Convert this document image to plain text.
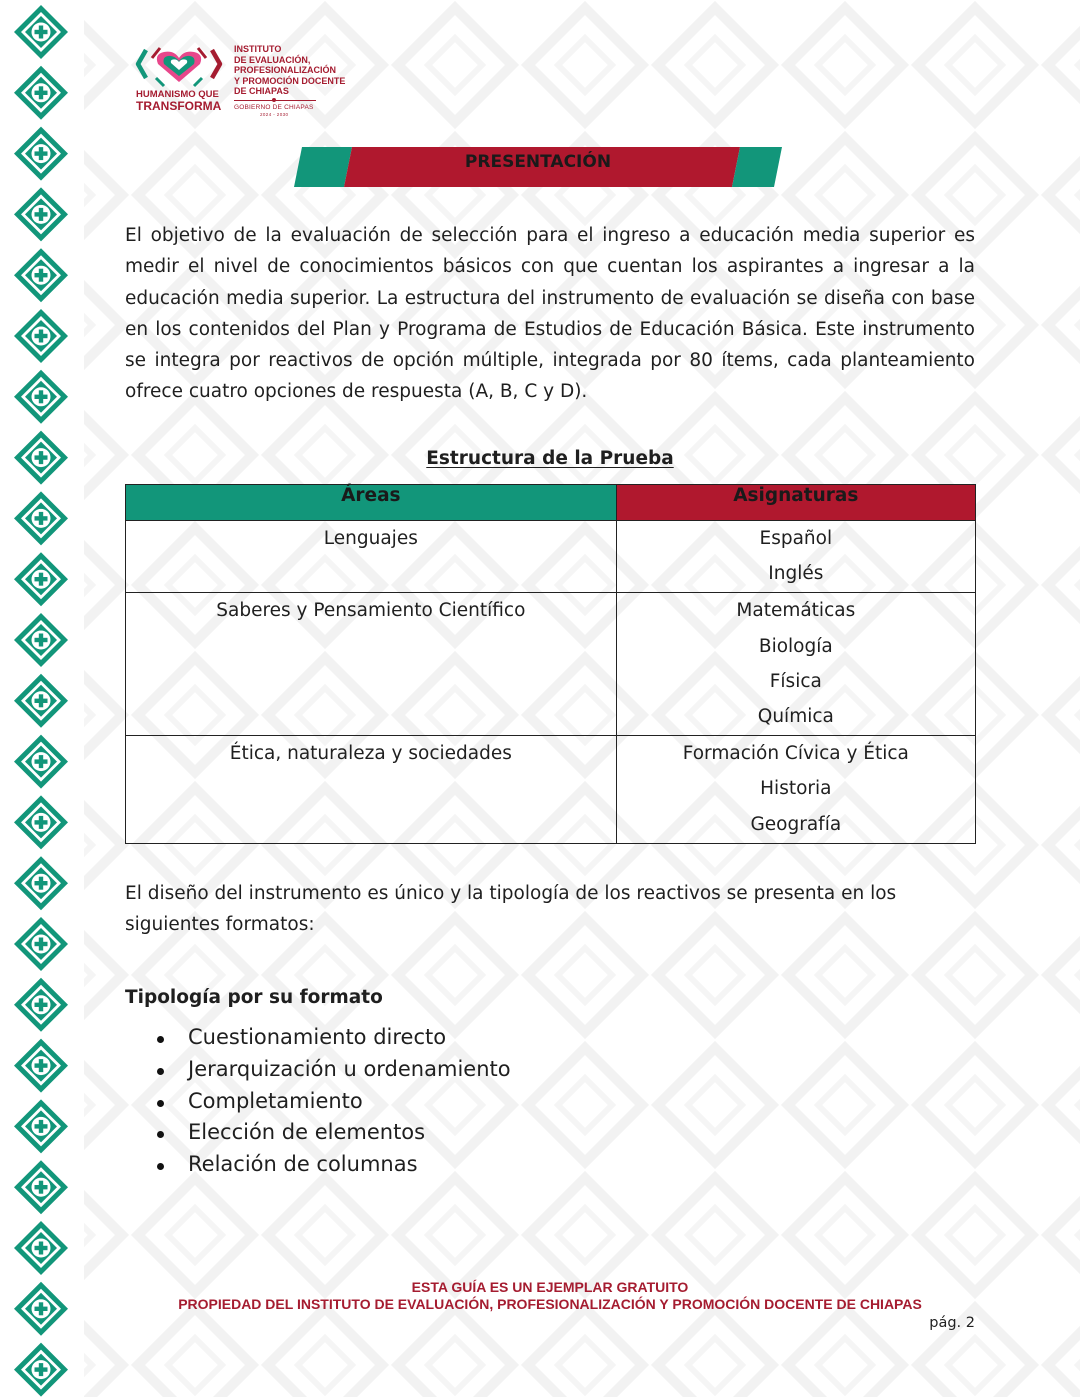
HUMANISMO QUE
TRANSFORMA
INSTITUTO
DE EVALUACIÓN,
PROFESIONALIZACIÓN
Y PROMOCIÓN DOCENTE
DE CHIAPAS
GOBIERNO DE CHIAPAS
2024 - 2030
PRESENTACIÓN

El objetivo de la evaluación de selección para el ingreso a educación media superior es medir el nivel de conocimientos básicos con que cuentan los aspirantes a ingresar a la educación media superior. La estructura del instrumento de evaluación se diseña con base en los contenidos del Plan y Programa de Estudios de Educación Básica. Este instrumento se integra por reactivos de opción múltiple, integrada por 80 ítems, cada planteamiento ofrece cuatro opciones de respuesta (A, B, C y D).

Estructura de la Prueba

Áreas	Asignaturas

Lenguajes	Español
Inglés

Saberes y Pensamiento Científico	Matemáticas
Biología
Física
Química

Ética, naturaleza y sociedades	Formación Cívica y Ética
Historia
Geografía

El diseño del instrumento es único y la tipología de los reactivos se presenta en los siguientes formatos:

Tipología por su formato

Cuestionamiento directo
Jerarquización u ordenamiento
Completamiento
Elección de elementos
Relación de columnas
ESTA GUÍA ES UN EJEMPLAR GRATUITO
PROPIEDAD DEL INSTITUTO DE EVALUACIÓN, PROFESIONALIZACIÓN Y PROMOCIÓN DOCENTE DE CHIAPAS
pág. 2
